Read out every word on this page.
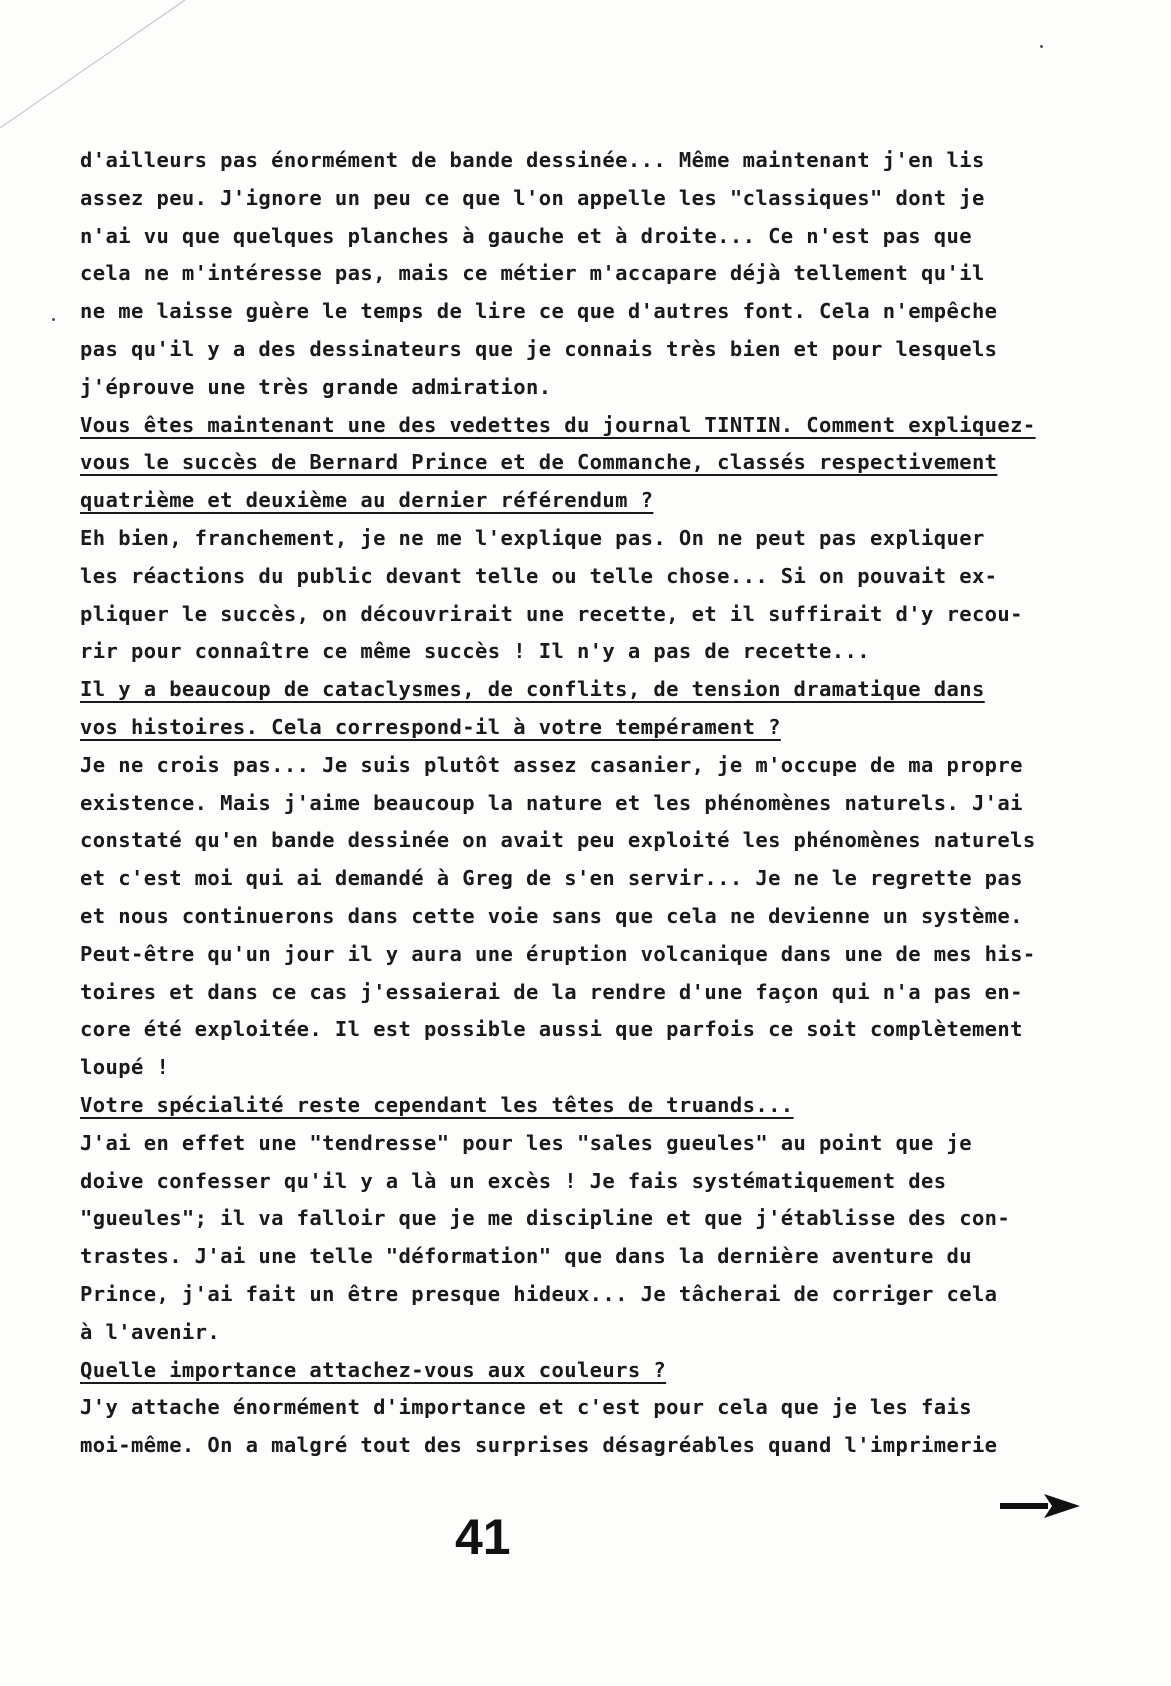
d'ailleurs pas énormément de bande dessinée... Même maintenant j'en lis
assez peu. J'ignore un peu ce que l'on appelle les "classiques" dont je
n'ai vu que quelques planches à gauche et à droite... Ce n'est pas que
cela ne m'intéresse pas, mais ce métier m'accapare déjà tellement qu'il
ne me laisse guère le temps de lire ce que d'autres font. Cela n'empêche
pas qu'il y a des dessinateurs que je connais très bien et pour lesquels
j'éprouve une très grande admiration.
Vous êtes maintenant une des vedettes du journal TINTIN. Comment expliquez-
vous le succès de Bernard Prince et de Commanche, classés respectivement
quatrième et deuxième au dernier référendum ?
Eh bien, franchement, je ne me l'explique pas. On ne peut pas expliquer
les réactions du public devant telle ou telle chose... Si on pouvait ex-
pliquer le succès, on découvrirait une recette, et il suffirait d'y recou-
rir pour connaître ce même succès ! Il n'y a pas de recette...
Il y a beaucoup de cataclysmes, de conflits, de tension dramatique dans
vos histoires. Cela correspond-il à votre tempérament ?
Je ne crois pas... Je suis plutôt assez casanier, je m'occupe de ma propre
existence. Mais j'aime beaucoup la nature et les phénomènes naturels. J'ai
constaté qu'en bande dessinée on avait peu exploité les phénomènes naturels
et c'est moi qui ai demandé à Greg de s'en servir... Je ne le regrette pas
et nous continuerons dans cette voie sans que cela ne devienne un système.
Peut-être qu'un jour il y aura une éruption volcanique dans une de mes his-
toires et dans ce cas j'essaierai de la rendre d'une façon qui n'a pas en-
core été exploitée. Il est possible aussi que parfois ce soit complètement
loupé !
Votre spécialité reste cependant les têtes de truands...
J'ai en effet une "tendresse" pour les "sales gueules" au point que je
doive confesser qu'il y a là un excès ! Je fais systématiquement des
"gueules"; il va falloir que je me discipline et que j'établisse des con-
trastes. J'ai une telle "déformation" que dans la dernière aventure du
Prince, j'ai fait un être presque hideux... Je tâcherai de corriger cela
à l'avenir.
Quelle importance attachez-vous aux couleurs ?
J'y attache énormément d'importance et c'est pour cela que je les fais
moi-même. On a malgré tout des surprises désagréables quand l'imprimerie
41
